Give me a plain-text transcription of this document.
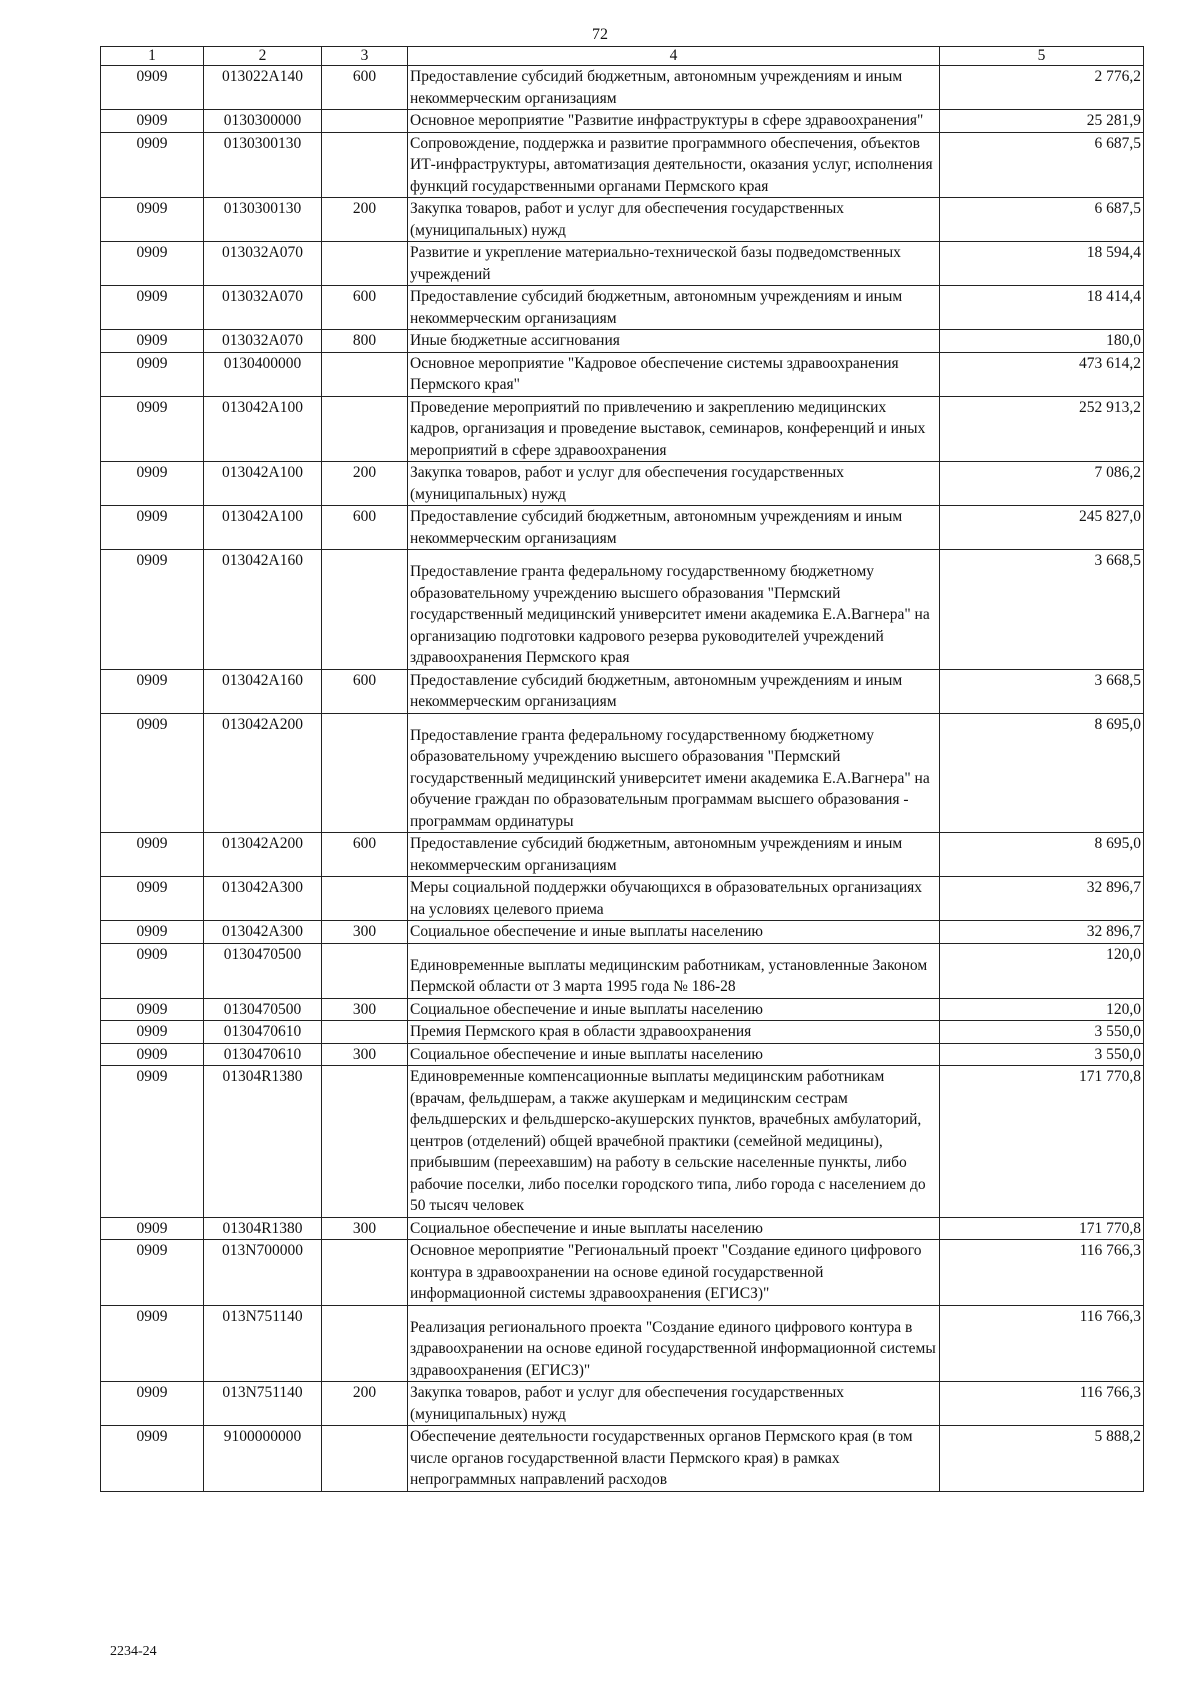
72
1	2	3	4	5
0909	013022A140	600	Предоставление субсидий бюджетным, автономным учреждениям и иным некоммерческим организациям	2 776,2
0909	0130300000		Основное мероприятие "Развитие инфраструктуры в сфере здравоохранения"	25 281,9
0909	0130300130		Сопровождение, поддержка и развитие программного обеспечения, объектов ИТ-инфраструктуры, автоматизация деятельности, оказания услуг, исполнения функций государственными органами Пермского края	6 687,5
0909	0130300130	200	Закупка товаров, работ и услуг для обеспечения государственных (муниципальных) нужд	6 687,5
0909	013032A070		Развитие и укрепление материально-технической базы подведомственных учреждений	18 594,4
0909	013032A070	600	Предоставление субсидий бюджетным, автономным учреждениям и иным некоммерческим организациям	18 414,4
0909	013032A070	800	Иные бюджетные ассигнования	180,0
0909	0130400000		Основное мероприятие "Кадровое обеспечение системы здравоохранения Пермского края"	473 614,2
0909	013042A100		Проведение мероприятий по привлечению и закреплению медицинских кадров, организация и проведение выставок, семинаров, конференций и иных мероприятий в сфере здравоохранения	252 913,2
0909	013042A100	200	Закупка товаров, работ и услуг для обеспечения государственных (муниципальных) нужд	7 086,2
0909	013042A100	600	Предоставление субсидий бюджетным, автономным учреждениям и иным некоммерческим организациям	245 827,0
0909	013042A160		Предоставление гранта федеральному государственному бюджетному образовательному учреждению высшего образования "Пермский государственный медицинский университет имени академика Е.А.Вагнера" на организацию подготовки кадрового резерва руководителей учреждений здравоохранения Пермского края	3 668,5
0909	013042A160	600	Предоставление субсидий бюджетным, автономным учреждениям и иным некоммерческим организациям	3 668,5
0909	013042A200		Предоставление гранта федеральному государственному бюджетному образовательному учреждению высшего образования "Пермский государственный медицинский университет имени академика Е.А.Вагнера" на обучение граждан по образовательным программам высшего образования - программам ординатуры	8 695,0
0909	013042A200	600	Предоставление субсидий бюджетным, автономным учреждениям и иным некоммерческим организациям	8 695,0
0909	013042A300		Меры социальной поддержки обучающихся в образовательных организациях на условиях целевого приема	32 896,7
0909	013042A300	300	Социальное обеспечение и иные выплаты населению	32 896,7
0909	0130470500		Единовременные выплаты медицинским работникам, установленные Законом Пермской области от 3 марта 1995 года № 186-28	120,0
0909	0130470500	300	Социальное обеспечение и иные выплаты населению	120,0
0909	0130470610		Премия Пермского края в области здравоохранения	3 550,0
0909	0130470610	300	Социальное обеспечение и иные выплаты населению	3 550,0
0909	01304R1380		Единовременные компенсационные выплаты медицинским работникам (врачам, фельдшерам, а также акушеркам и медицинским сестрам фельдшерских и фельдшерско-акушерских пунктов, врачебных амбулаторий, центров (отделений) общей врачебной практики (семейной медицины), прибывшим (переехавшим) на работу в сельские населенные пункты, либо рабочие поселки, либо поселки городского типа, либо города с населением до 50 тысяч человек	171 770,8
0909	01304R1380	300	Социальное обеспечение и иные выплаты населению	171 770,8
0909	013N700000		Основное мероприятие "Региональный проект "Создание единого цифрового контура в здравоохранении на основе единой государственной информационной системы здравоохранения (ЕГИСЗ)"	116 766,3
0909	013N751140		Реализация регионального проекта "Создание единого цифрового контура в здравоохранении на основе единой государственной информационной системы здравоохранения (ЕГИСЗ)"	116 766,3
0909	013N751140	200	Закупка товаров, работ и услуг для обеспечения государственных (муниципальных) нужд	116 766,3
0909	9100000000		Обеспечение деятельности государственных органов Пермского края (в том числе органов государственной власти Пермского края) в рамках непрограммных направлений расходов	5 888,2
2234-24
